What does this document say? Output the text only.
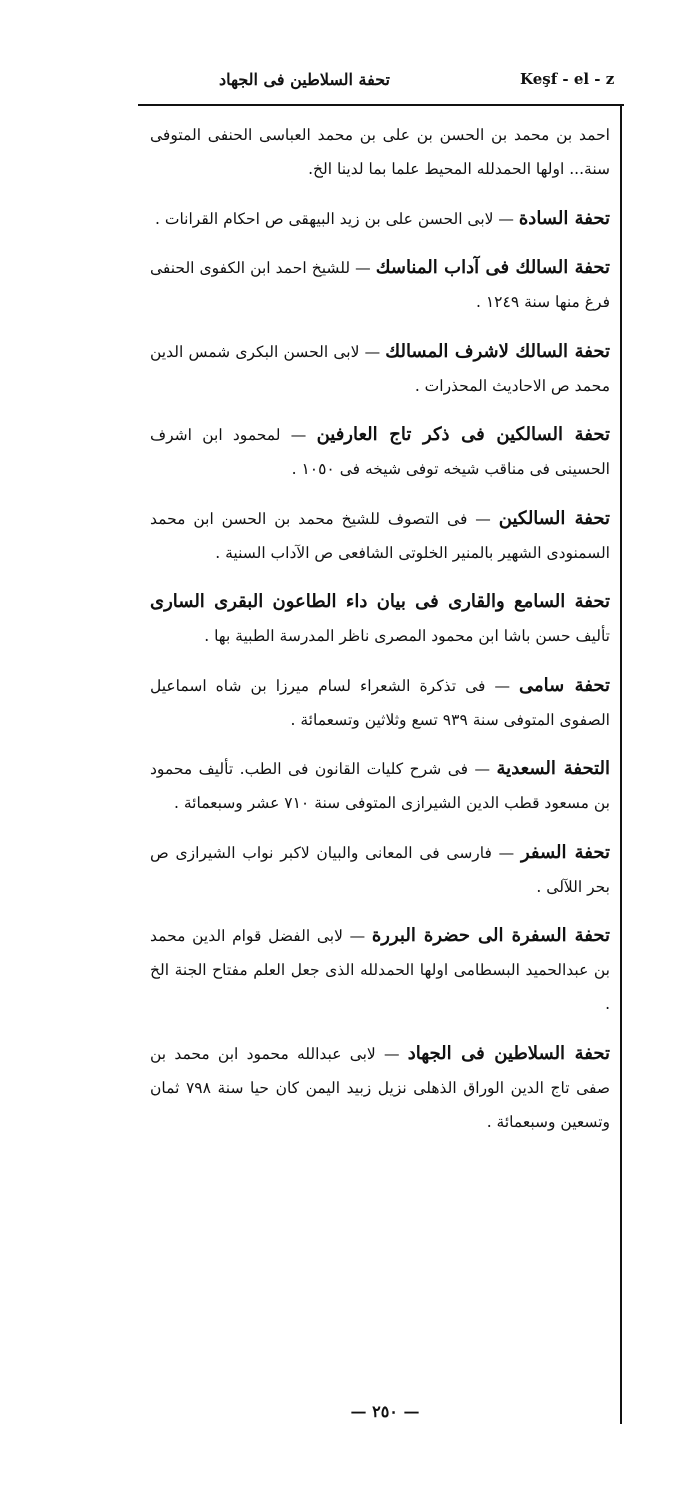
Keşf - el - z
تحفة السلاطين فى الجهاد

احمد بن محمد بن الحسن بن على بن محمد العباسى الحنفى المتوفى سنة... اولها الحمدلله المحيط علما بما لدينا الخ.

تحفة السادة — لابى الحسن على بن زيد البيهقى ص احكام القرانات .

تحفة السالك فى آداب المناسك — للشيخ احمد ابن الكفوى الحنفى فرغ منها سنة ١٢٤٩ .

تحفة السالك لاشرف المسالك — لابى الحسن البكرى شمس الدين محمد ص الاحاديث المحذرات .

تحفة السالكين فى ذكر تاج العارفين — لمحمود ابن اشرف الحسينى فى مناقب شيخه توفى شيخه فى ١٠٥٠ .

تحفة السالكين — فى التصوف للشيخ محمد بن الحسن ابن محمد السمنودى الشهير بالمنير الخلوتى الشافعى ص الآداب السنية .

تحفة السامع والقارى فى بيان داء الطاعون البقرى السارى تأليف حسن باشا ابن محمود المصرى ناظر المدرسة الطبية بها .

تحفة سامى — فى تذكرة الشعراء لسام ميرزا بن شاه اسماعيل الصفوى المتوفى سنة ٩٣٩ تسع وثلاثين وتسعمائة .

التحفة السعدية — فى شرح كليات القانون فى الطب. تأليف محمود بن مسعود قطب الدين الشيرازى المتوفى سنة ٧١٠ عشر وسبعمائة .

تحفة السفر — فارسى فى المعانى والبيان لاكبر نواب الشيرازى ص بحر اللآلى .

تحفة السفرة الى حضرة البررة — لابى الفضل قوام الدين محمد بن عبدالحميد البسطامى اولها الحمدلله الذى جعل العلم مفتاح الجنة الخ .

تحفة السلاطين فى الجهاد — لابى عبدالله محمود ابن محمد بن صفى تاج الدين الوراق الذهلى نزيل زبيد اليمن كان حيا سنة ٧٩٨ ثمان وتسعين وسبعمائة .

— ٢٥٠ —
